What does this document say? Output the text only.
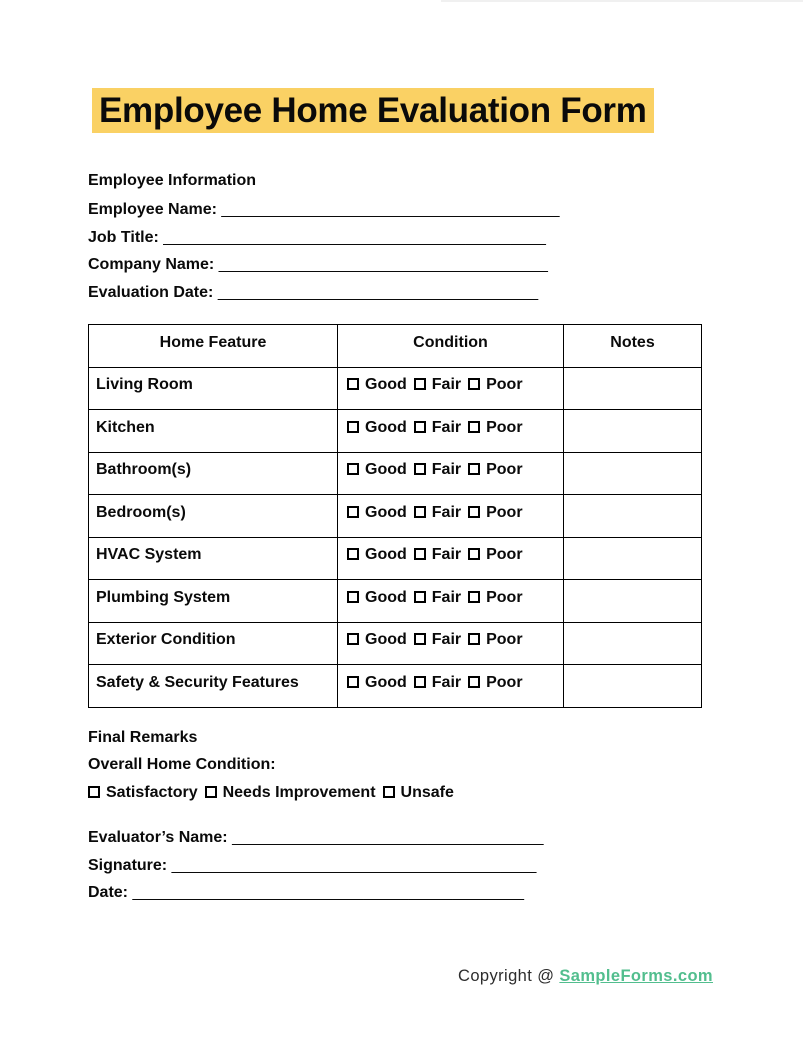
Employee Home Evaluation Form
Employee Information
Employee Name: ______________________________________
Job Title: ___________________________________________
Company Name: _____________________________________
Evaluation Date: ____________________________________
Home Feature	Condition	Notes
Living Room	Good Fair Poor	
Kitchen	Good Fair Poor	
Bathroom(s)	Good Fair Poor	
Bedroom(s)	Good Fair Poor	
HVAC System	Good Fair Poor	
Plumbing System	Good Fair Poor	
Exterior Condition	Good Fair Poor	
Safety & Security Features	Good Fair Poor	
Final Remarks
Overall Home Condition:
Satisfactory Needs Improvement Unsafe
Evaluator’s Name: ___________________________________
Signature: _________________________________________
Date: ____________________________________________
Copyright @ SampleForms.com
